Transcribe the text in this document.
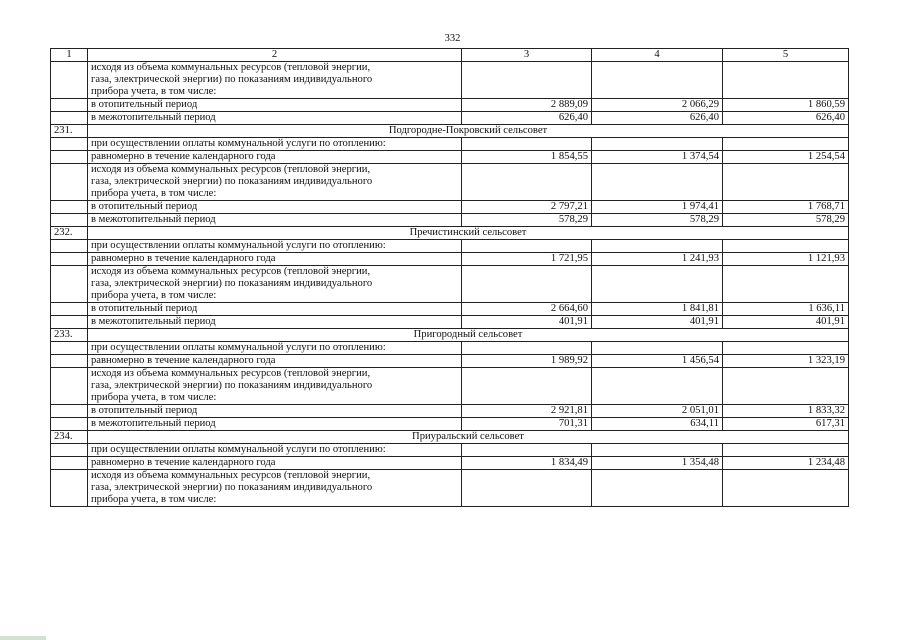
332
1	2	3	4	5

	исходя из объема коммунальных ресурсов (тепловой энергии,
газа, электрической энергии) по показаниям индивидуального
прибора учета, в том числе:			

	в отопительный период	2 889,09	2 066,29	1 860,59
	в межотопительный период	626,40	626,40	626,40
231.	Подгородне-Покровский сельсовет			
	при осуществлении оплаты коммунальной услуги по отоплению:			
	равномерно в течение календарного года	1 854,55	1 374,54	1 254,54

	исходя из объема коммунальных ресурсов (тепловой энергии,
газа, электрической энергии) по показаниям индивидуального
прибора учета, в том числе:			

	в отопительный период	2 797,21	1 974,41	1 768,71
	в межотопительный период	578,29	578,29	578,29
232.	Пречистинский сельсовет			
	при осуществлении оплаты коммунальной услуги по отоплению:			
	равномерно в течение календарного года	1 721,95	1 241,93	1 121,93

	исходя из объема коммунальных ресурсов (тепловой энергии,
газа, электрической энергии) по показаниям индивидуального
прибора учета, в том числе:			

	в отопительный период	2 664,60	1 841,81	1 636,11
	в межотопительный период	401,91	401,91	401,91
233.	Пригородный сельсовет			
	при осуществлении оплаты коммунальной услуги по отоплению:			
	равномерно в течение календарного года	1 989,92	1 456,54	1 323,19

	исходя из объема коммунальных ресурсов (тепловой энергии,
газа, электрической энергии) по показаниям индивидуального
прибора учета, в том числе:			

	в отопительный период	2 921,81	2 051,01	1 833,32
	в межотопительный период	701,31	634,11	617,31
234.	Приуральский сельсовет			
	при осуществлении оплаты коммунальной услуги по отоплению:			
	равномерно в течение календарного года	1 834,49	1 354,48	1 234,48

	исходя из объема коммунальных ресурсов (тепловой энергии,
газа, электрической энергии) по показаниям индивидуального
прибора учета, в том числе:			
